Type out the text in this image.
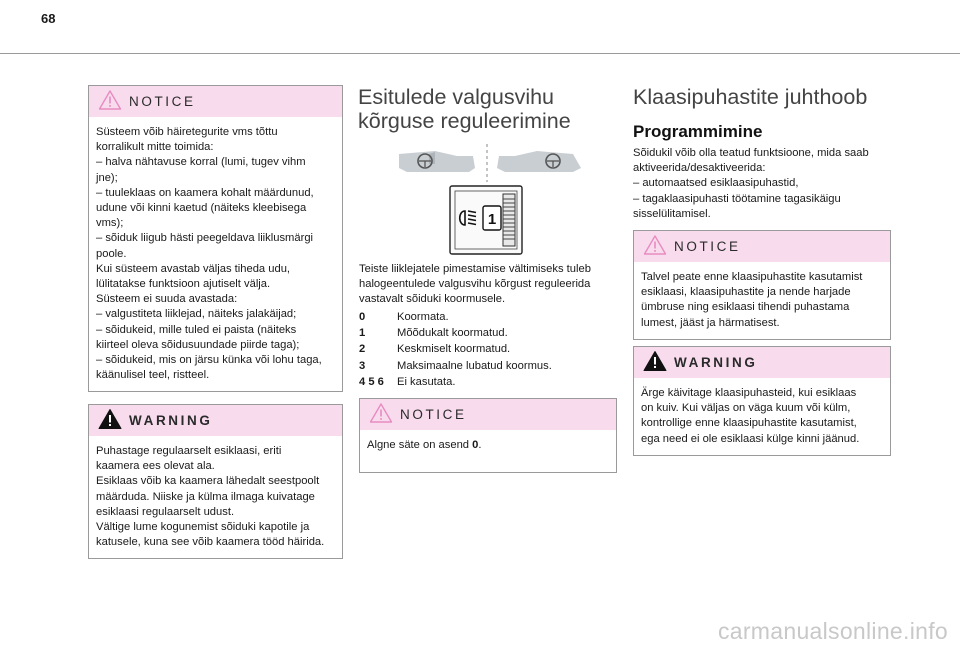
68
NOTICE

Süsteem võib häiretegurite vms tõttu

korralikult mitte toimida:

– halva nähtavuse korral (lumi, tugev vihm

jne);

– tuuleklaas on kaamera kohalt määrdunud,

udune või kinni kaetud (näiteks kleebisega

vms);

– sõiduk liigub hästi peegeldava liiklusmärgi

poole.

Kui süsteem avastab väljas tiheda udu,

lülitatakse funktsioon ajutiselt välja.

Süsteem ei suuda avastada:

– valgustiteta liiklejad, näiteks jalakäijad;

– sõidukeid, mille tuled ei paista (näiteks

kiirteel oleva sõidusuundade piirde taga);

– sõidukeid, mis on järsu künka või lohu taga,

käänulisel teel, ristteel.

WARNING

Puhastage regulaarselt esiklaasi, eriti

kaamera ees olevat ala.

Esiklaas võib ka kaamera lähedalt seestpoolt

määrduda. Niiske ja külma ilmaga kuivatage

esiklaasi regulaarselt udust.

Vältige lume kogunemist sõiduki kapotile ja

katusele, kuna see võib kaamera tööd häirida.

Esitulede valgusvihu
kõrguse reguleerimine
1

Teiste liiklejatele pimestamise vältimiseks tuleb

halogeentulede valgusvihu kõrgust reguleerida

vastavalt sõiduki koormusele.

0	Koormata.
1	Mõõdukalt koormatud.
2	Keskmiselt koormatud.
3	Maksimaalne lubatud koormus.
4 5 6	Ei kasutata.
NOTICE

Algne säte on asend 0.

Klaasipuhastite juhthoob
Programmimine

Sõidukil võib olla teatud funktsioone, mida saab

aktiveerida/desaktiveerida:

– automaatsed esiklaasipuhastid,

– tagaklaasipuhasti töötamine tagasikäigu

sisselülitamisel.

NOTICE

Talvel peate enne klaasipuhastite kasutamist

esiklaasi, klaasipuhastite ja nende harjade

ümbruse ning esiklaasi tihendi puhastama

lumest, jääst ja härmatisest.

WARNING

Ärge käivitage klaasipuhasteid, kui esiklaas

on kuiv. Kui väljas on väga kuum või külm,

kontrollige enne klaasipuhastite kasutamist,

ega need ei ole esiklaasi külge kinni jäänud.

carmanualsonline.info
